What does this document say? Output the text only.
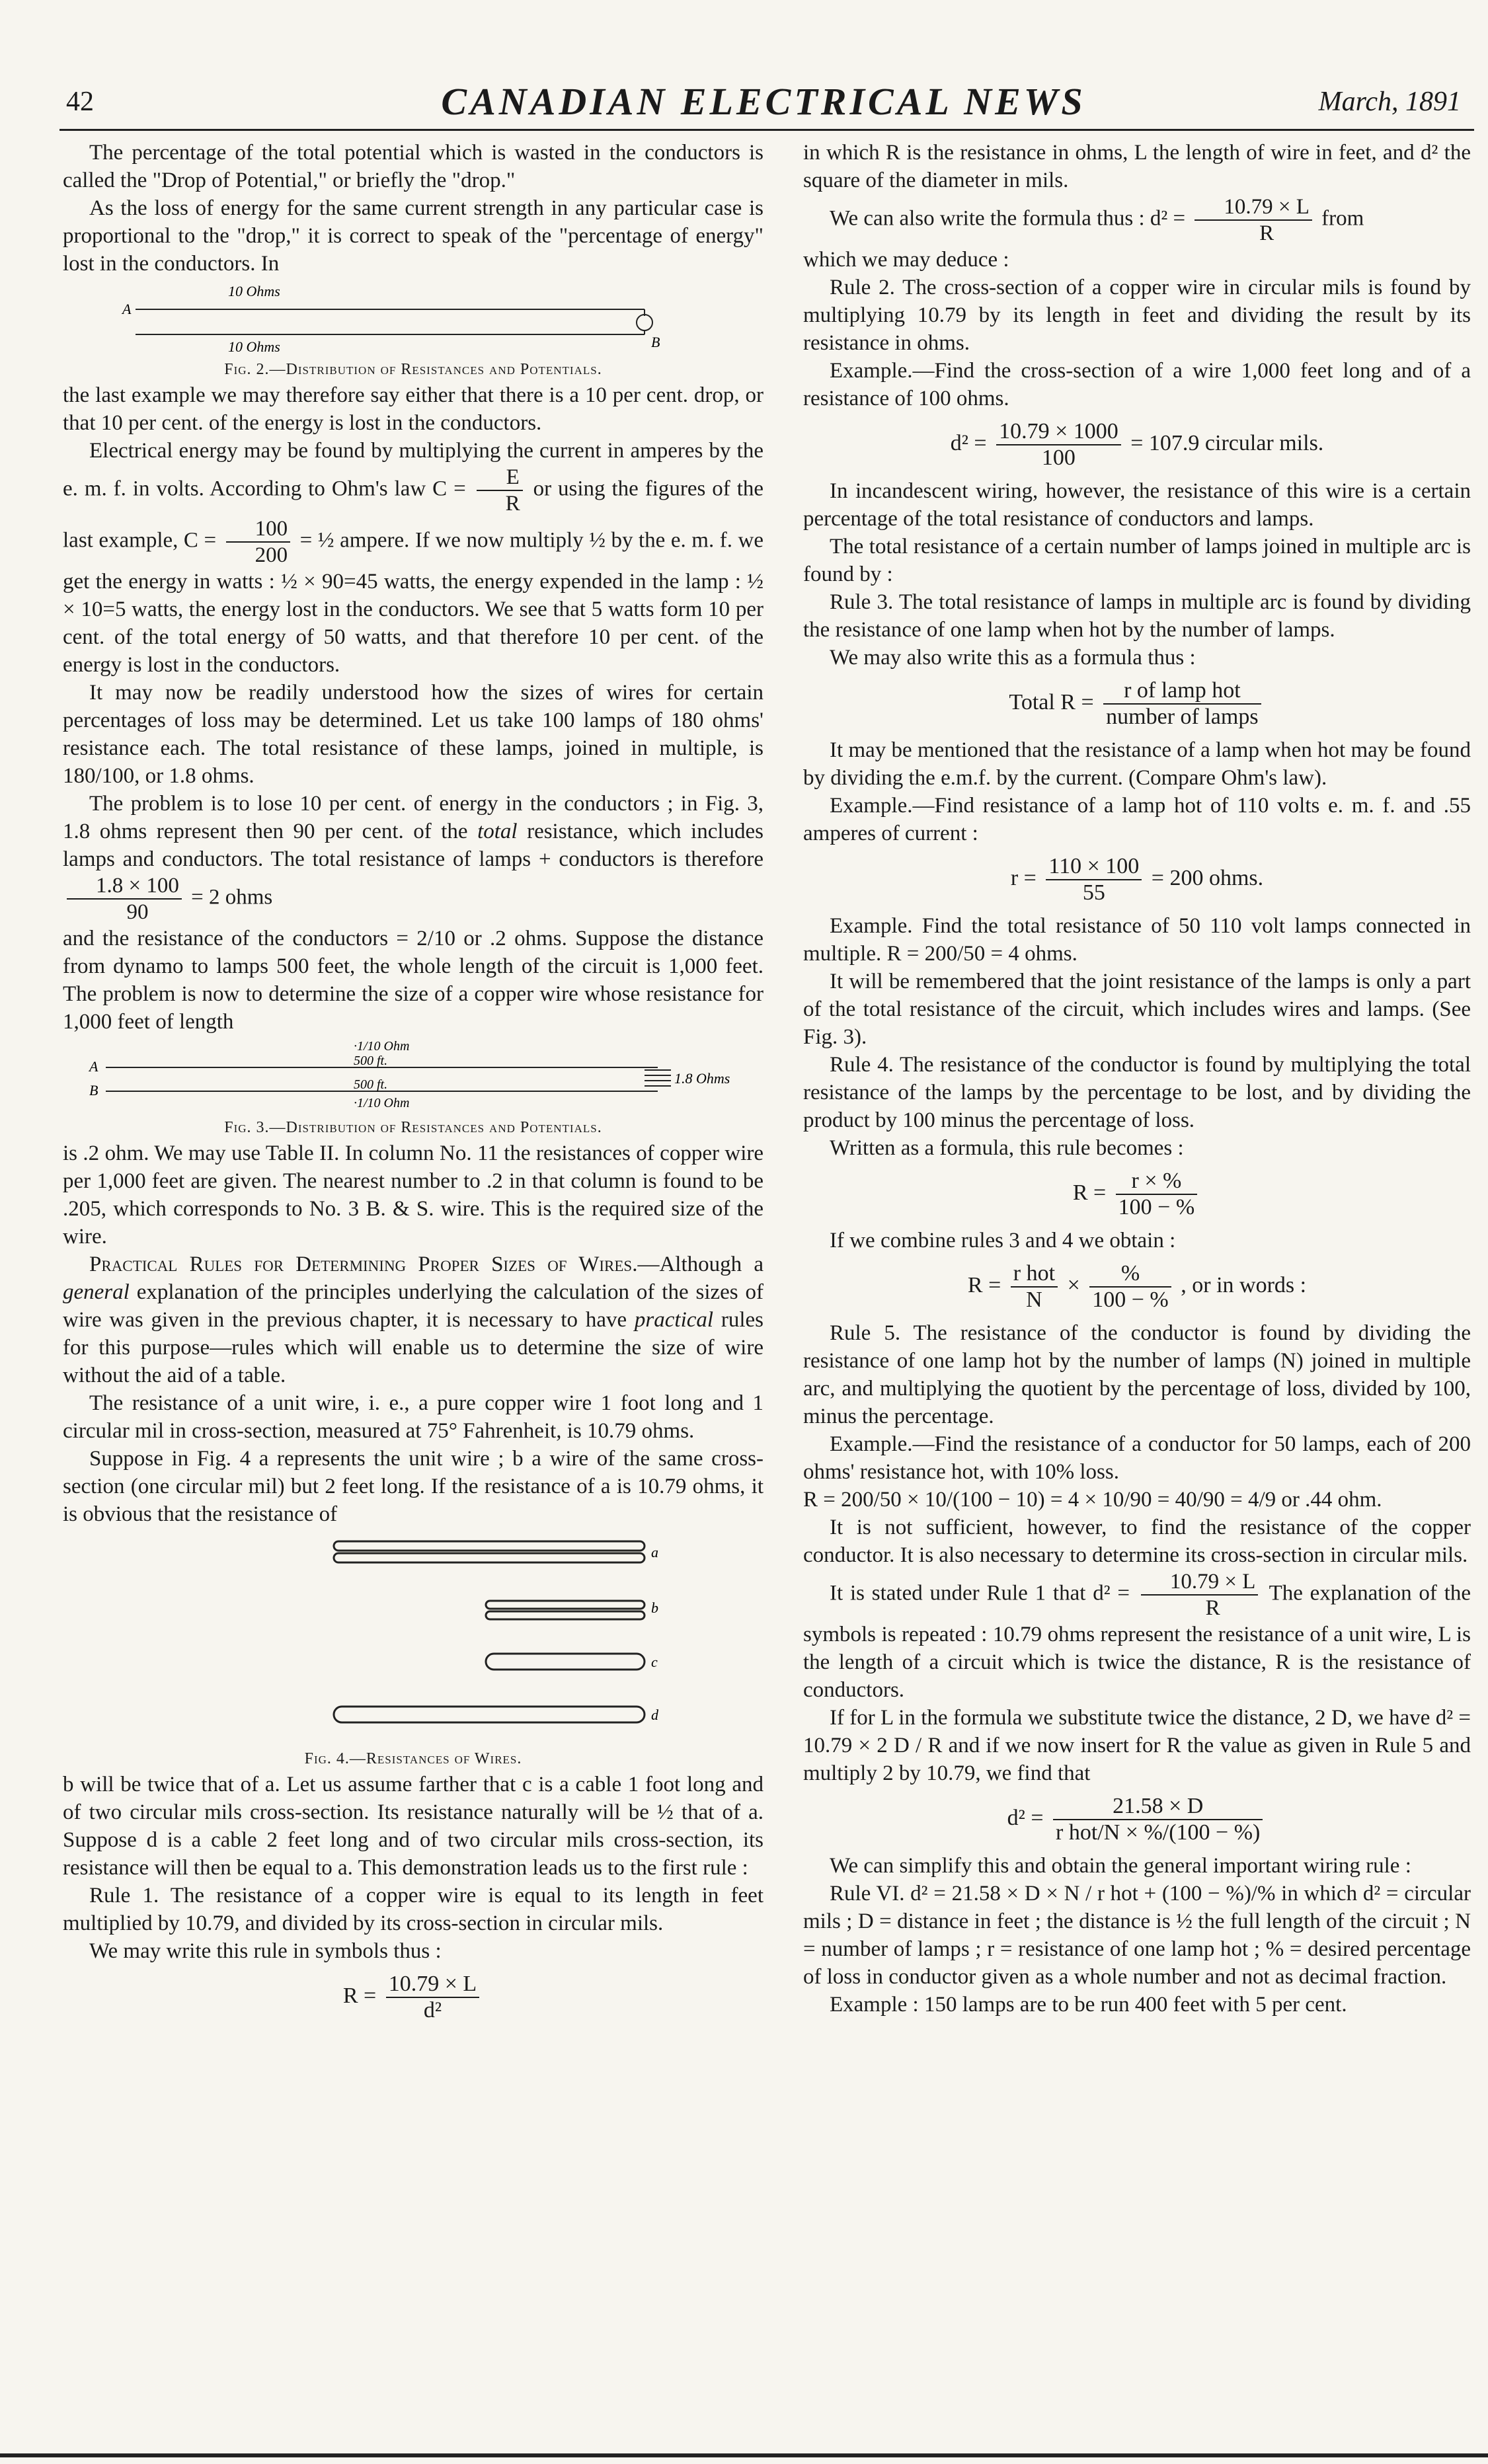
42	CANADIAN ELECTRICAL NEWS	March, 1891

The percentage of the total potential which is wasted in the conductors is called the "Drop of Potential," or briefly the "drop."

As the loss of energy for the same current strength in any particular case is proportional to the "drop," it is correct to speak of the "percentage of energy" lost in the conductors. In

10 Ohms
A
10 Ohms	B
Fig. 2.—Distribution of Resistances and Potentials.

the last example we may therefore say either that there is a 10 per cent. drop, or that 10 per cent. of the energy is lost in the conductors.

Electrical energy may be found by multiplying the current in amperes by the e. m. f. in volts. According to Ohm's law $C = \frac{E}{R}$ or using the figures of the last example, $C = \frac{100}{200}$ = ½ ampere. If we now multiply ½ by the e. m. f. we get the energy in watts : ½ × 90=45 watts, the energy expended in the lamp : ½ × 10=5 watts, the energy lost in the conductors. We see that 5 watts form 10 per cent. of the total energy of 50 watts, and that therefore 10 per cent. of the energy is lost in the conductors.

It may now be readily understood how the sizes of wires for certain percentages of loss may be determined. Let us take 100 lamps of 180 ohms' resistance each. The total resistance of these lamps, joined in multiple, is 180/100, or 1.8 ohms.

The problem is to lose 10 per cent. of energy in the conductors ; in Fig. 3, 1.8 ohms represent then 90 per cent. of the total resistance, which includes lamps and conductors. The total resistance of lamps + conductors is therefore
$\frac{1.8 \times 100}{90} = 2$ ohms

and the resistance of the conductors = 2/10 or .2 ohms. Suppose the distance from dynamo to lamps 500 feet, the whole length of the circuit is 1,000 feet. The problem is now to determine the size of a copper wire whose resistance for 1,000 feet of length

·1/10 Ohm
500 ft.
A
1.8 Ohms
500 ft.
B
·1/10 Ohm
Fig. 3.—Distribution of Resistances and Potentials.

is .2 ohm. We may use Table II. In column No. 11 the resistances of copper wire per 1,000 feet are given. The nearest number to .2 in that column is found to be .205, which corresponds to No. 3 B. & S. wire. This is the required size of the wire.

Practical Rules for Determining Proper Sizes of Wires.—Although a general explanation of the principles underlying the calculation of the sizes of wire was given in the previous chapter, it is necessary to have practical rules for this purpose—rules which will enable us to determine the size of wire without the aid of a table.

The resistance of a unit wire, i. e., a pure copper wire 1 foot long and 1 circular mil in cross-section, measured at 75° Fahrenheit, is 10.79 ohms.

Suppose in Fig. 4 a represents the unit wire ; b a wire of the same cross-section (one circular mil) but 2 feet long. If the resistance of a is 10.79 ohms, it is obvious that the resistance of

a
b
c
d
Fig. 4.—Resistances of Wires.

b will be twice that of a. Let us assume farther that c is a cable 1 foot long and of two circular mils cross-section. Its resistance naturally will be ½ that of a. Suppose d is a cable 2 feet long and of two circular mils cross-section, its resistance will then be equal to a. This demonstration leads us to the first rule :

Rule 1. The resistance of a copper wire is equal to its length in feet multiplied by 10.79, and divided by its cross-section in circular mils.

We may write this rule in symbols thus :

$R = \frac{10.79 \times L}{\text{d²}}$

in which R is the resistance in ohms, L the length of wire in feet, and d² the square of the diameter in mils.

We can also write the formula thus : $d^2 = \frac{10.79 \times L}{R}$ from

which we may deduce :

Rule 2. The cross-section of a copper wire in circular mils is found by multiplying 10.79 by its length in feet and dividing the result by its resistance in ohms.

Example.—Find the cross-section of a wire 1,000 feet long and of a resistance of 100 ohms.

$d^2 = \frac{10.79 \times 1000}{100} = 107.9$ circular mils.

In incandescent wiring, however, the resistance of this wire is a certain percentage of the total resistance of conductors and lamps.

The total resistance of a certain number of lamps joined in multiple arc is found by :

Rule 3. The total resistance of lamps in multiple arc is found by dividing the resistance of one lamp when hot by the number of lamps.

We may also write this as a formula thus :

Total $R = \frac{\text{r of lamp hot}}{\text{number of lamps}}$

It may be mentioned that the resistance of a lamp when hot may be found by dividing the e.m.f. by the current. (Compare Ohm's law).

Example.—Find resistance of a lamp hot of 110 volts e. m. f. and .55 amperes of current :

$r = \frac{110 \times 100}{55} = 200$ ohms.

Example. Find the total resistance of 50 110 volt lamps connected in multiple. R = 200/50 = 4 ohms.

It will be remembered that the joint resistance of the lamps is only a part of the total resistance of the circuit, which includes wires and lamps. (See Fig. 3).

Rule 4. The resistance of the conductor is found by multiplying the total resistance of the lamps by the percentage to be lost, and by dividing the product by 100 minus the percentage of loss.

Written as a formula, this rule becomes :

$R = \frac{r \times \%}{100 - \%}$

If we combine rules 3 and 4 we obtain :

$R = \frac{\text{r hot}}{N} \times \frac{\%}{100 - \%}$ , or in words :

Rule 5. The resistance of the conductor is found by dividing the resistance of one lamp hot by the number of lamps (N) joined in multiple arc, and multiplying the quotient by the percentage of loss, divided by 100, minus the percentage.

Example.—Find the resistance of a conductor for 50 lamps, each of 200 ohms' resistance hot, with 10% loss.

R = 200/50 × 10/(100 − 10) = 4 × 10/90 = 40/90 = 4/9 or .44 ohm.

It is not sufficient, however, to find the resistance of the copper conductor. It is also necessary to determine its cross-section in circular mils.

It is stated under Rule 1 that $d^2 = \frac{10.79 \times L}{R}$ The explanation of the symbols is repeated : 10.79 ohms represent the resistance of a unit wire, L is the length of a circuit which is twice the distance, R is the resistance of conductors.

If for L in the formula we substitute twice the distance, 2 D, we have d² = 10.79 × 2 D / R and if we now insert for R the value as given in Rule 5 and multiply 2 by 10.79, we find that

$d^2 = \frac{21.58 \times D}{\text{r hot/N × \%/(100 − \%)}}$

We can simplify this and obtain the general important wiring rule :

Rule VI. d² = 21.58 × D × N / r hot + (100 − %)/% in which d² = circular mils ; D = distance in feet ; the distance is ½ the full length of the circuit ; N = number of lamps ; r = resistance of one lamp hot ; % = desired percentage of loss in conductor given as a whole number and not as decimal fraction.

Example : 150 lamps are to be run 400 feet with 5 per cent.
